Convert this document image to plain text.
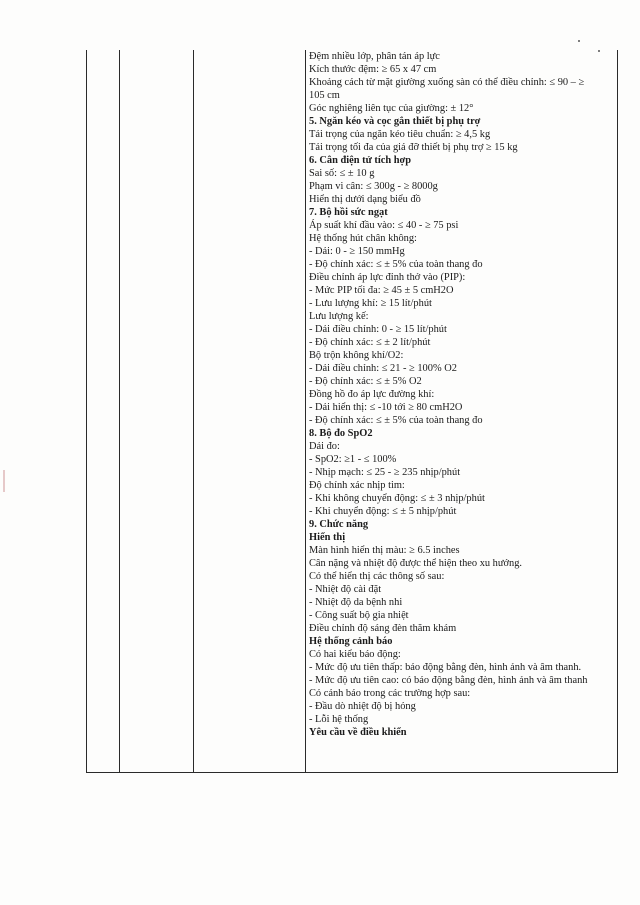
Đệm nhiều lớp, phân tán áp lực
Kích thước đệm: ≥ 65 x 47 cm
Khoảng cách từ mặt giường xuống sàn có thể điều chỉnh: ≤ 90 – ≥
105 cm
Góc nghiêng liên tục của giường: ± 12°
5. Ngăn kéo và cọc gắn thiết bị phụ trợ
Tải trọng của ngăn kéo tiêu chuẩn: ≥ 4,5 kg
Tải trọng tối đa của giá đỡ thiết bị phụ trợ ≥ 15 kg
6. Cân điện tử tích hợp
Sai số: ≤ ± 10 g
Phạm vi cân: ≤ 300g - ≥ 8000g
Hiển thị dưới dạng biểu đồ
7. Bộ hồi sức ngạt
Áp suất khí đầu vào: ≤ 40 - ≥ 75 psi
Hệ thống hút chân không:
- Dải: 0 - ≥ 150 mmHg
- Độ chính xác: ≤ ± 5% của toàn thang đo
Điều chỉnh áp lực đỉnh thở vào (PIP):
- Mức PIP tối đa: ≥ 45 ± 5 cmH2O
- Lưu lượng khí: ≥ 15 lít/phút
Lưu lượng kế:
- Dải điều chỉnh: 0 - ≥ 15 lít/phút
- Độ chính xác: ≤ ± 2 lít/phút
Bộ trộn không khí/O2:
- Dải điều chỉnh: ≤ 21 - ≥ 100% O2
- Độ chính xác: ≤ ± 5% O2
Đồng hồ đo áp lực đường khí:
- Dải hiển thị: ≤ -10 tới ≥ 80 cmH2O
- Độ chính xác: ≤ ± 5% của toàn thang đo
8. Bộ đo SpO2
Dải đo:
- SpO2: ≥1 - ≤ 100%
- Nhịp mạch: ≤ 25 - ≥ 235 nhịp/phút
Độ chính xác nhịp tim:
- Khi không chuyển động: ≤ ± 3 nhịp/phút
- Khi chuyển động: ≤ ± 5 nhịp/phút
9. Chức năng
Hiển thị
Màn hình hiển thị màu: ≥ 6.5 inches
Cân nặng và nhiệt độ được thể hiện theo xu hướng.
Có thể hiển thị các thông số sau:
- Nhiệt độ cài đặt
- Nhiệt độ da bệnh nhi
- Công suất bộ gia nhiệt
Điều chỉnh độ sáng đèn thăm khám
Hệ thống cảnh báo
Có hai kiểu báo động:
- Mức độ ưu tiên thấp: báo động bằng đèn, hình ảnh và âm thanh.
- Mức độ ưu tiên cao: có báo động bằng đèn, hình ảnh và âm thanh
Có cảnh báo trong các trường hợp sau:
- Đầu dò nhiệt độ bị hỏng
- Lỗi hệ thống
Yêu cầu về điều khiển
